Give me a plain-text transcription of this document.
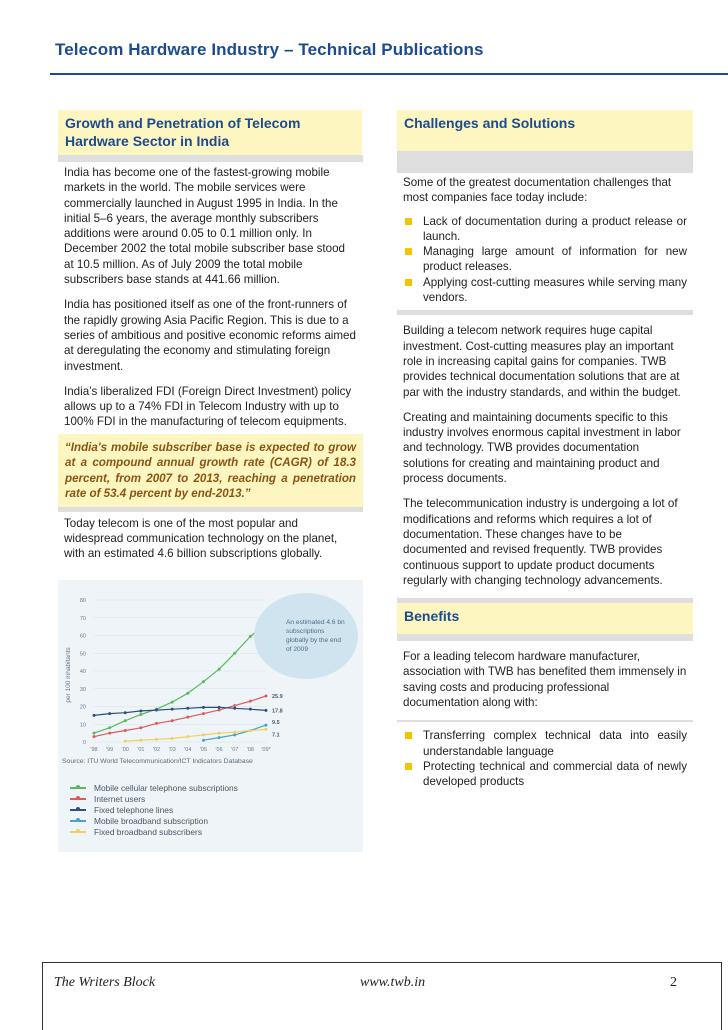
Telecom Hardware Industry – Technical Publications
Growth and Penetration of Telecom Hardware Sector in India
India has become one of the fastest-growing mobile markets in the world. The mobile services were commercially launched in August 1995 in India. In the initial 5–6 years, the average monthly subscribers additions were around 0.05 to 0.1 million only. In December 2002 the total mobile subscriber base stood at 10.5 million. As of July 2009 the total mobile subscribers base stands at 441.66 million.
India has positioned itself as one of the front-runners of the rapidly growing Asia Pacific Region. This is due to a series of ambitious and positive economic reforms aimed at deregulating the economy and stimulating foreign investment.
India’s liberalized FDI (Foreign Direct Investment) policy allows up to a 74% FDI in Telecom Industry with up to 100% FDI in the manufacturing of telecom equipments.
“India's mobile subscriber base is expected to grow at a compound annual growth rate (CAGR) of 18.3 percent, from 2007 to 2013, reaching a penetration rate of 53.4 percent by end-2013.”
Today telecom is one of the most popular and widespread communication technology on the planet, with an estimated 4.6 billion subscriptions globally.
0
10
20
30
40
50
60
70
80
'98 '99 '00 '01 '02 '03 '04 '05 '06 '07 '08 '09*
25.9
17.8
9.5
7.1
per 100 inhabitants
An estimated 4.6 bn subscriptions globally by the end of 2009
Source: ITU World Telecommunication/ICT Indicators Database
Mobile cellular telephone subscriptions
Internet users
Fixed telephone lines
Mobile broadband subscription
Fixed broadband subscribers
Challenges and Solutions
Some of the greatest documentation challenges that most companies face today include:
Lack of documentation during a product release or launch.
Managing large amount of information for new product releases.
Applying cost-cutting measures while serving many vendors.
Building a telecom network requires huge capital investment. Cost-cutting measures play an important role in increasing capital gains for companies. TWB provides technical documentation solutions that are at par with the industry standards, and within the budget.
Creating and maintaining documents specific to this industry involves enormous capital investment in labor and technology. TWB provides documentation solutions for creating and maintaining product and process documents.
The telecommunication industry is undergoing a lot of modifications and reforms which requires a lot of documentation. These changes have to be documented and revised frequently. TWB provides continuous support to update product documents regularly with changing technology advancements.
Benefits
For a leading telecom hardware manufacturer, association with TWB has benefited them immensely in saving costs and producing professional documentation along with:
Transferring complex technical data into easily understandable language
Protecting technical and commercial data of newly developed products
The Writers Block	www.twb.in	2
